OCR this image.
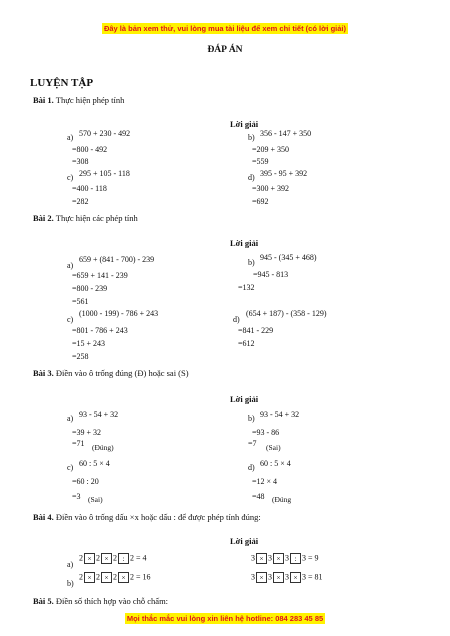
Đây là bản xem thử, vui lòng mua tài liệu để xem chi tiết (có lời giải)
ĐÁP ÁN
LUYỆN TẬP
Bài 1. Thực hiện phép tính
Lời giải
a) 570 + 230 - 492
=800 - 492
=308
b) 356 - 147 + 350
=209 + 350
=559
c) 295 + 105 - 118
=400 - 118
=282
d) 395 - 95 + 392
=300 + 392
=692
Bài 2. Thực hiện các phép tính
Lời giải
a)
659 + (841 - 700) - 239
=659 + 141 - 239
=800 - 239
=561
b)
945 - (345 + 468)
=945 - 813
=132
c)
(1000 - 199) - 786 + 243
=801 - 786 + 243
=15 + 243
=258
d)
(654 + 187) - (358 - 129)
=841 - 229
=612
Bài 3. Điền vào ô trống đúng (Đ) hoặc sai (S)
Lời giải
a) 93 - 54 + 32
=39 + 32
=71 (Đúng)
b) 93 - 54 + 32
=93 - 86
=7 (Sai)
c) 60 : 5 × 4
=60 : 20
=3 (Sai)
d) 60 : 5 × 4
=12 × 4
=48 (Đúng
Bài 4. Điền vào ô trống dấu ×x hoặc dấu : để được phép tính đúng:
Lời giải
a)
b)
2 × 2 × 2 : 2 = 4	3 × 3 × 3 : 3 = 9
2 × 2 × 2 × 2 = 16	3 × 3 × 3 × 3 = 81
Bài 5. Điền số thích hợp vào chỗ chấm:
Mọi thắc mắc vui lòng xin liên hệ hotline: 084 283 45 85
